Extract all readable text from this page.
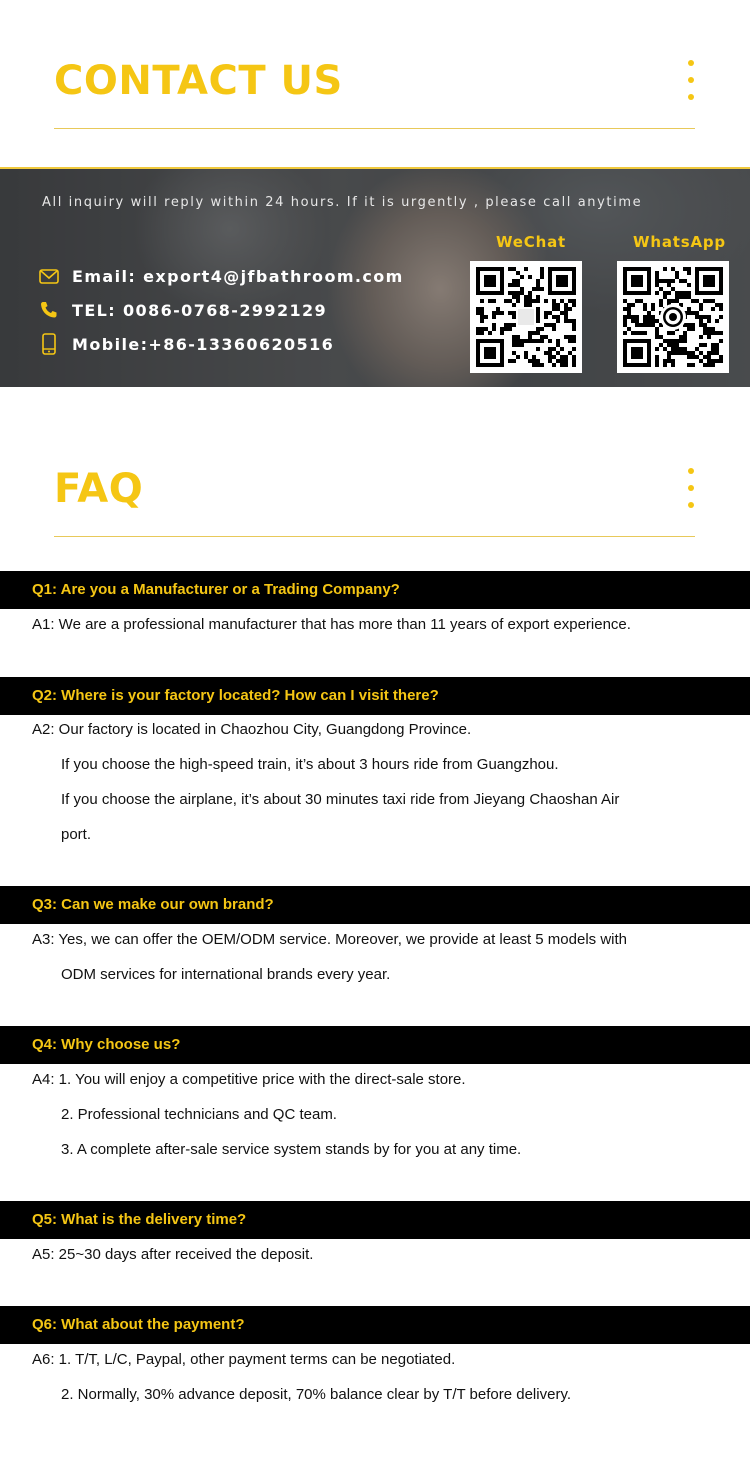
CONTACT US
All inquiry will reply within 24 hours. If it is urgently , please call anytime
Email: export4@jfbathroom.com
TEL: 0086-0768-2992129
Mobile:+86-13360620516
WeChat	WhatsApp
FAQ
Q1: Are you a Manufacturer or a Trading Company?
A1: We are a professional manufacturer that has more than 11 years of export experience.
Q2: Where is your factory located? How can I visit there?
A2: Our factory is located in Chaozhou City, Guangdong Province.
If you choose the high-speed train, it’s about 3 hours ride from Guangzhou.
If you choose the airplane, it’s about 30 minutes taxi ride from Jieyang Chaoshan Air
port.
Q3: Can we make our own brand?
A3: Yes, we can offer the OEM/ODM service. Moreover, we provide at least 5 models with
ODM services for international brands every year.
Q4: Why choose us?
A4: 1. You will enjoy a competitive price with the direct-sale store.
2. Professional technicians and QC team.
3. A complete after-sale service system stands by for you at any time.
Q5: What is the delivery time?
A5: 25~30 days after received the deposit.
Q6: What about the payment?
A6: 1. T/T, L/C, Paypal, other payment terms can be negotiated.
2. Normally, 30% advance deposit, 70% balance clear by T/T before delivery.
